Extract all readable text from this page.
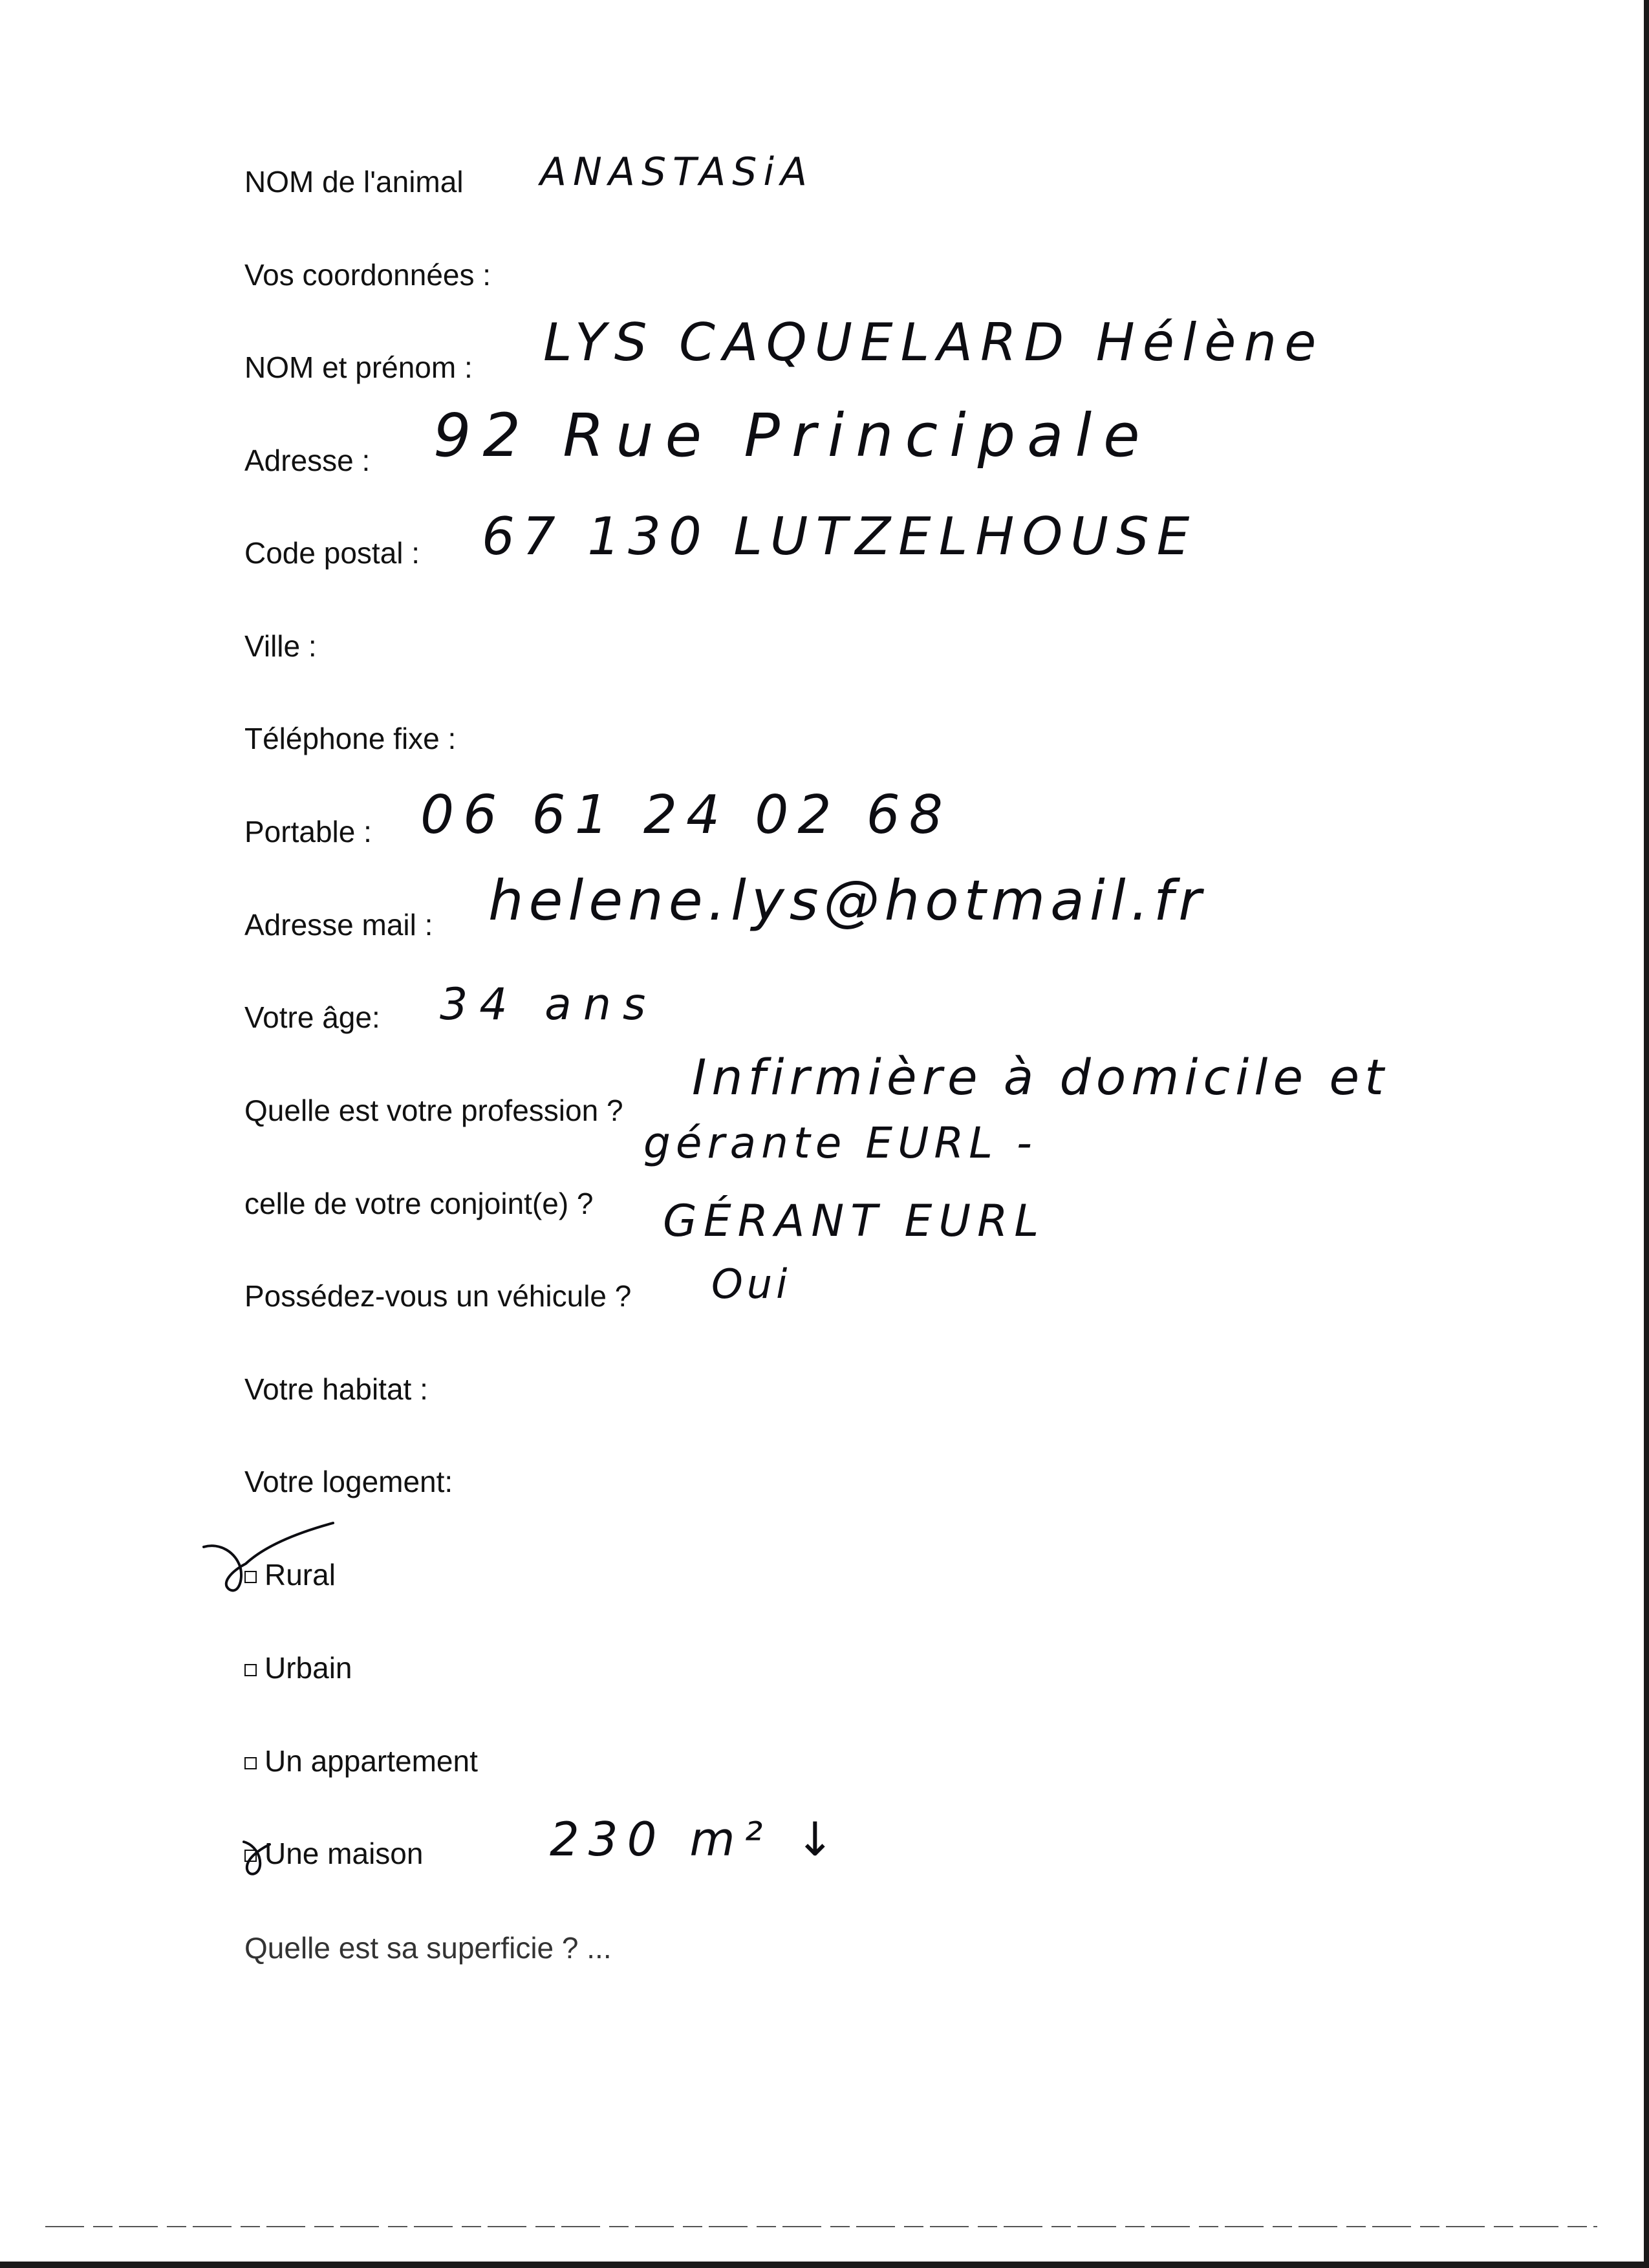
NOM de l'animal ANASTASiA
Vos coordonnées :
NOM et prénom : LYS CAQUELARD Hélène
Adresse : 92 Rue Principale
Code postal : 67 130 LUTZELHOUSE
Ville :
Téléphone fixe :
Portable : 06 61 24 02 68
Adresse mail : helene.lys@hotmail.fr
Votre âge: 34 ans
Quelle est votre profession ?
Infirmière à domicile et
gérante EURL -
celle de votre conjoint(e) ? GÉRANT EURL
Possédez-vous un véhicule ? Oui
Votre habitat :
Votre logement:
Rural
Urbain
Un appartement
Une maison	230 m² ↓
Quelle est sa superficie ? ...
